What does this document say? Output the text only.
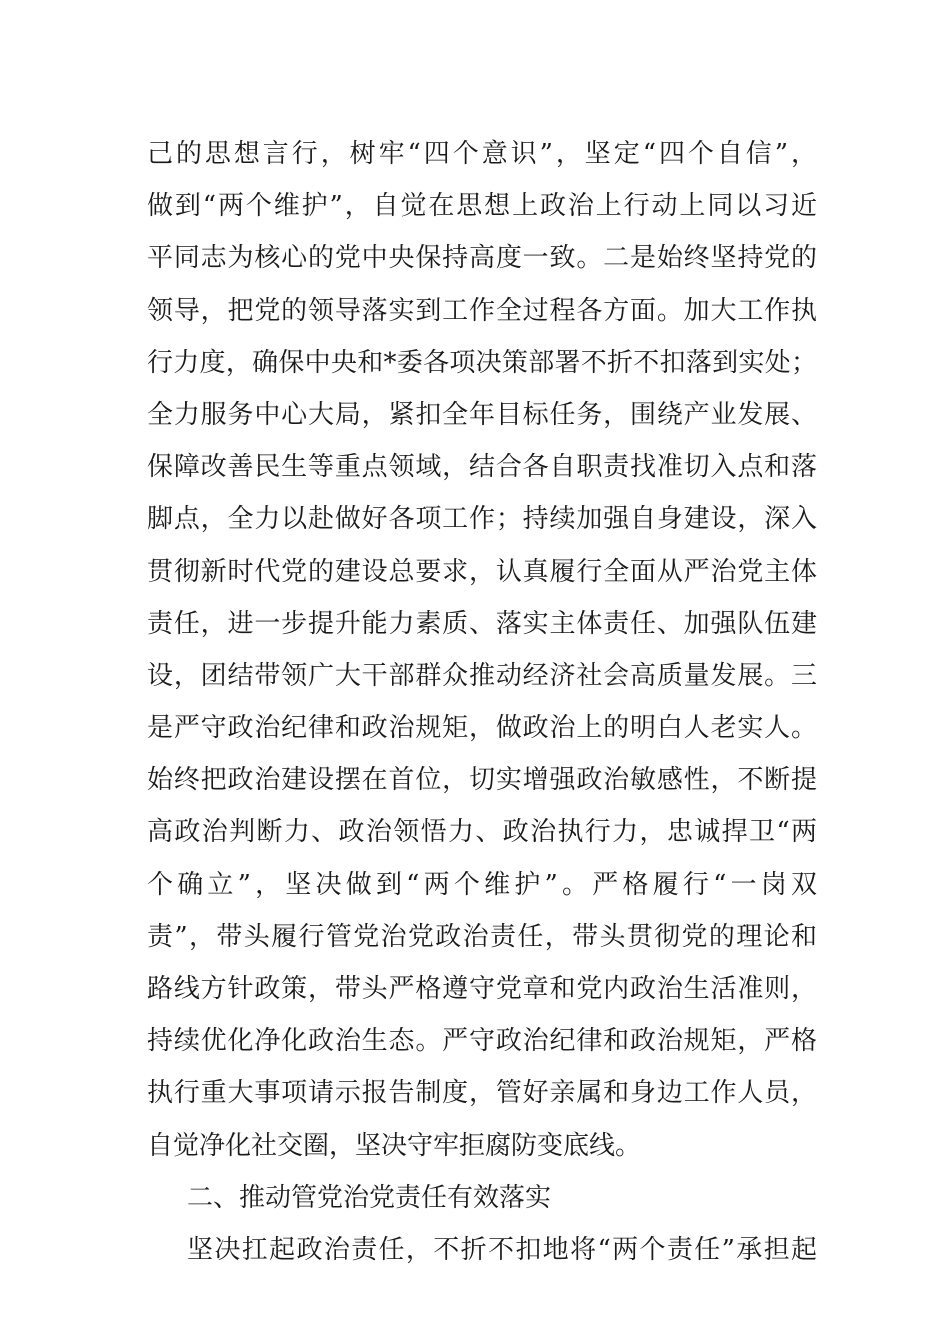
己的思想言行，树牢“四个意识”，坚定“四个自信”，
做到“两个维护”，自觉在思想上政治上行动上同以习近
平同志为核心的党中央保持高度一致。二是始终坚持党的
领导，把党的领导落实到工作全过程各方面。加大工作执
行力度，确保中央和*委各项决策部署不折不扣落到实处；
全力服务中心大局，紧扣全年目标任务，围绕产业发展、
保障改善民生等重点领域，结合各自职责找准切入点和落
脚点，全力以赴做好各项工作；持续加强自身建设，深入
贯彻新时代党的建设总要求，认真履行全面从严治党主体
责任，进一步提升能力素质、落实主体责任、加强队伍建
设，团结带领广大干部群众推动经济社会高质量发展。三
是严守政治纪律和政治规矩，做政治上的明白人老实人。
始终把政治建设摆在首位，切实增强政治敏感性，不断提
高政治判断力、政治领悟力、政治执行力，忠诚捍卫“两
个确立”，坚决做到“两个维护”。严格履行“一岗双
责”，带头履行管党治党政治责任，带头贯彻党的理论和
路线方针政策，带头严格遵守党章和党内政治生活准则，
持续优化净化政治生态。严守政治纪律和政治规矩，严格
执行重大事项请示报告制度，管好亲属和身边工作人员，
自觉净化社交圈，坚决守牢拒腐防变底线。
二、推动管党治党责任有效落实
坚决扛起政治责任，不折不扣地将“两个责任”承担起
